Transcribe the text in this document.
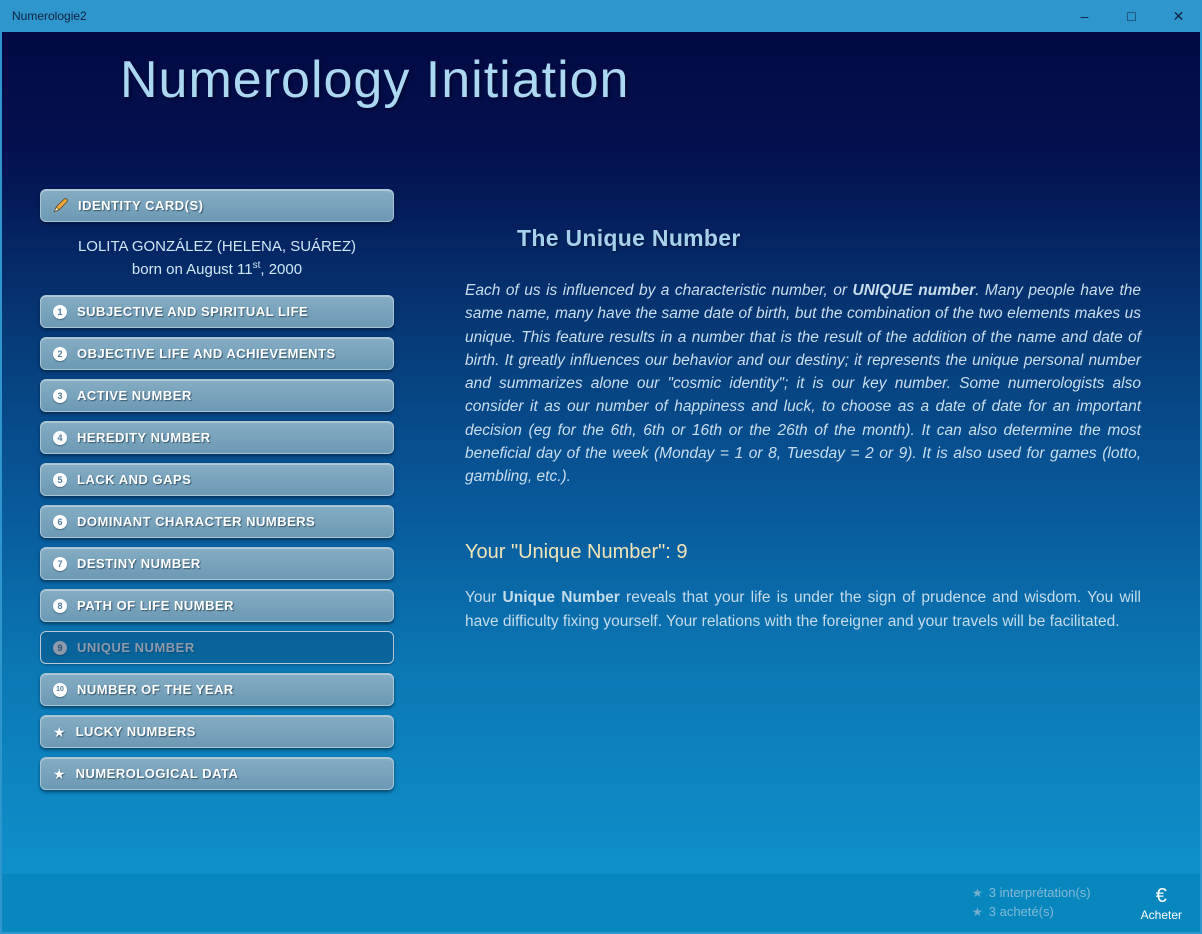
Numerologie2	–	□	✕
Numerology Initiation
IDENTITY CARD(S)
LOLITA GONZÁLEZ (HELENA, SUÁREZ)
born on August 11st, 2000
1	SUBJECTIVE AND SPIRITUAL LIFE
2	OBJECTIVE LIFE AND ACHIEVEMENTS
3	ACTIVE NUMBER
4	HEREDITY NUMBER
5	LACK AND GAPS
6	DOMINANT CHARACTER NUMBERS
7	DESTINY NUMBER
8	PATH OF LIFE NUMBER
9	UNIQUE NUMBER
10 NUMBER OF THE YEAR
★ LUCKY NUMBERS
★ NUMEROLOGICAL DATA
The Unique Number

Each of us is influenced by a characteristic number, or UNIQUE number. Many people have the same name, many have the same date of birth, but the combination of the two elements makes us unique. This feature results in a number that is the result of the addition of the name and date of birth. It greatly influences our behavior and our destiny; it represents the unique personal number and summarizes alone our "cosmic identity"; it is our key number. Some numerologists also consider it as our number of happiness and luck, to choose as a date of date for an important decision (eg for the 6th, 6th or 16th or the 26th of the month). It can also determine the most beneficial day of the week (Monday = 1 or 8, Tuesday = 2 or 9). It is also used for games (lotto, gambling, etc.).

Your "Unique Number": 9

Your Unique Number reveals that your life is under the sign of prudence and wisdom. You will have difficulty fixing yourself. Your relations with the foreigner and your travels will be facilitated.

★ 3 interprétation(s)
★ 3 acheté(s)
€
Acheter
